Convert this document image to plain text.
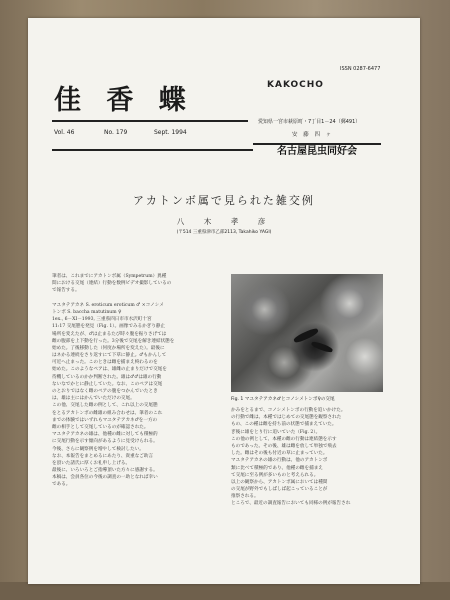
ISSN 0287-6477
佳 香 蝶	KAKOCHO
Vol. 46	No. 179	Sept. 1994
愛知県一宮市萩原町・7丁目1－24（郵491）
安 藤 四 ヶ
名古屋昆虫同好会
アカトンボ属で見られた雑交例
八　木　孝　彦
(〒514 三重県津市乙部2113, Takahiko YAGI)
筆者は、これまでにアカトンボ属（Sympetrum）異種
間における交尾（連結）行動を数例ビデオ撮影しているの
で報告する。

マユタテアカネ S. eroticum eroticum ♂ ×コノシメ
トンボ S. baccha matutinum ♀
1ex., 6－XI－1993, 三重県四日市市水沢町十宮
11:17 交尾態を発見（Fig. 1）。画像でみるかぎり静止
場所を変えたが、♂は止まるたび時々腹を振りさげては
雌の腹部を上下動を行った。3分後で交尾を解き連結状態を
始めた。了後移動した（何度か場所を変えた）。最後に
はネかる連続をさり返すにて下草に静止。♂もかんして
可近へ止まった。このときは雌を捕まえ終わるのを
始めた。このようなペアは、雄雌の止まりだけで交尾を
待機しているのかか判断された。雄は♂♂は雄の行動
ないなでかとに静止していた。なお、このペアは交尾
のとおりではなく雌のペアの腹をつかんでいたとき
は、雄は主にはかんでいただけの交尾。
この他、交尾した雌の例として、これ以上の交尾態
をとるアカトンボの雌雄の組み合わせは、筆者のこれ
までの体験ではいずれもマユタテアカネ♂を一方の
雌の相手として交尾しているのが確認された。
マユタテアカネの雄は、他種の雌に対しても積極的
に交尾行動を示す傾向があるように見受けられる。
今後、さらに観察例を増やして検討したい。
なお、本報告をまとめるにあたり、貴重なご助言
を頂いた諸氏に厚くお礼申し上げる。
最後に、いろいろとご指導頂いた方々に感謝する。
本稿は、会員各位の今後の調査の一助となれば幸い
である。
Fig. 1 マユタテアカネ♂とコノシメトンボ♀の交尾
かみをとるまで、コノシメトンボの行動を追いかけた。
の行動で雌は、本種ではじめての交尾態を観察された
もの、この種は雌を持ち前の状態で捕まえていた。
ぎ後に雄をとり行に追いていた（Fig. 2）。
この他の例として、本種の雌の行動は連結態を示す
ものであった。その後、雄は雌を放して単独で飛去
した。雌はその後も付近の草に止まっていた。
マユタテアカネの雄の行動は、他のアカトンボ
類に比べて積極的であり、他種の雌を捕まえ
て交尾に至る例が多いものと考えられる。
以上の観察から、アカトンボ属においては種間
の交尾が野外でもしばしば起こっていることが
推察される。
ところで、最近の調査報告においても同様の例が報告され
